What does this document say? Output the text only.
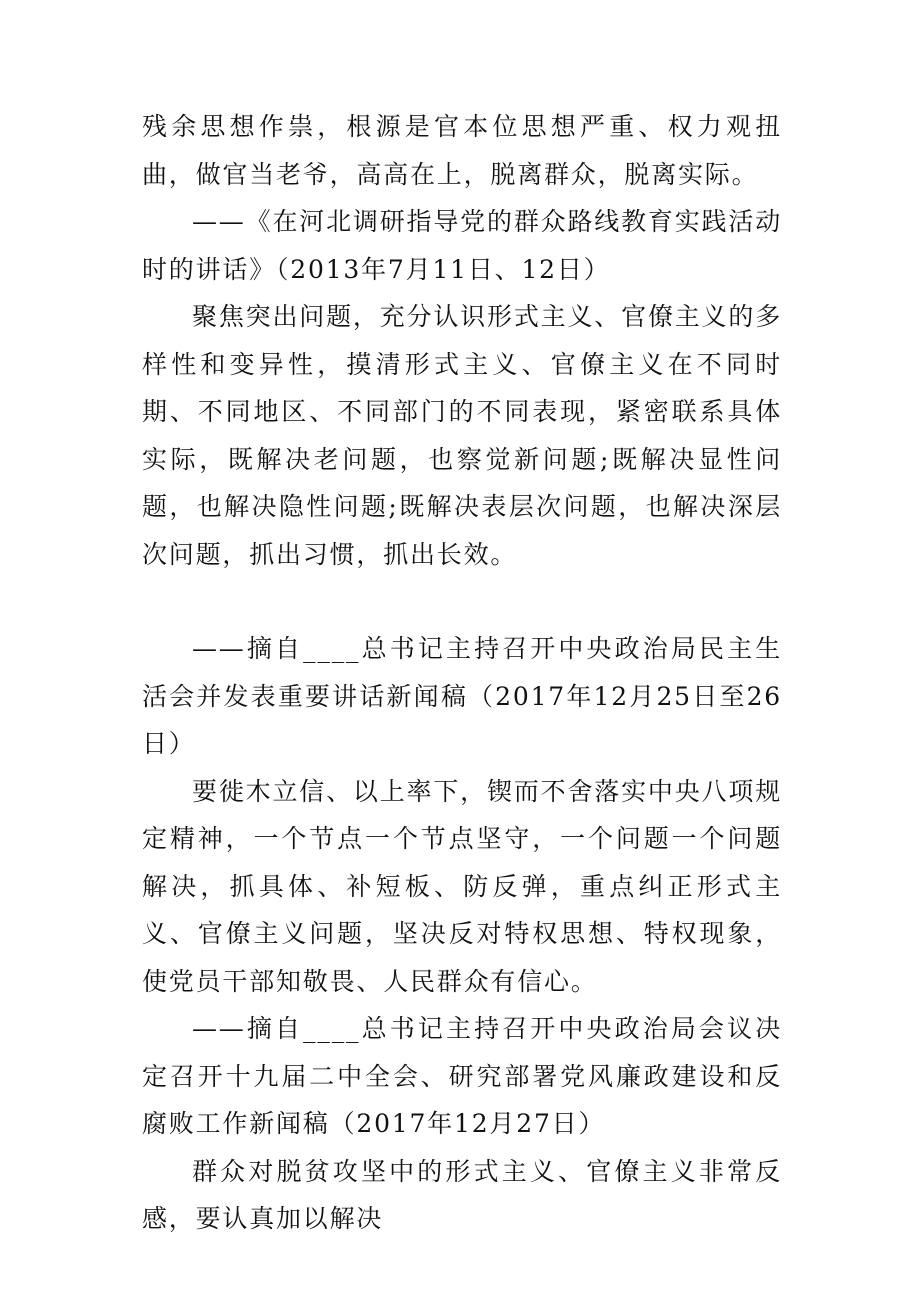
残余思想作祟，根源是官本位思想严重、权力观扭曲，做官当老爷，高高在上，脱离群众，脱离实际。

——《在河北调研指导党的群众路线教育实践活动时的讲话》（2013年7月11日、12日）

聚焦突出问题，充分认识形式主义、官僚主义的多样性和变异性，摸清形式主义、官僚主义在不同时期、不同地区、不同部门的不同表现，紧密联系具体实际，既解决老问题，也察觉新问题;既解决显性问题，也解决隐性问题;既解决表层次问题，也解决深层次问题，抓出习惯，抓出长效。

——摘自____总书记主持召开中央政治局民主生活会并发表重要讲话新闻稿（2017年12月25日至26日）

要徙木立信、以上率下，锲而不舍落实中央八项规定精神，一个节点一个节点坚守，一个问题一个问题解决，抓具体、补短板、防反弹，重点纠正形式主义、官僚主义问题，坚决反对特权思想、特权现象，使党员干部知敬畏、人民群众有信心。

——摘自____总书记主持召开中央政治局会议决定召开十九届二中全会、研究部署党风廉政建设和反腐败工作新闻稿（2017年12月27日）

群众对脱贫攻坚中的形式主义、官僚主义非常反感，要认真加以解决
